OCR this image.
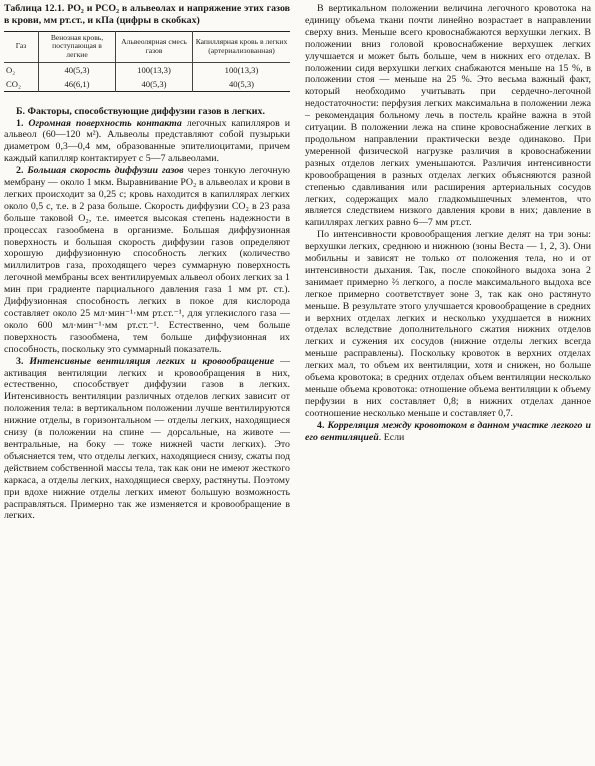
Таблица 12.1. PO₂ и PCO₂ в альвеолах и напряжение этих газов в крови, мм рт.ст., и кПа (цифры в скобках)

Газ	Венозная кровь, поступающая в легкие	Альвеолярная смесь газов	Капиллярная кровь в легких (артериализованная)
O₂	40(5,3)	100(13,3)	100(13,3)
CO₂	46(6,1)	40(5,3)	40(5,3)

Б. Факторы, способствующие диффузии газов в легких.

1. Огромная поверхность контакта легочных капилляров и альвеол (60—120 м²). Альвеолы представляют собой пузырьки диаметром 0,3—0,4 мм, образованные эпителиоцитами, причем каждый капилляр контактирует с 5—7 альвеолами.

2. Большая скорость диффузии газов через тонкую легочную мембрану — около 1 мкм. Выравнивание PO₂ в альвеолах и крови в легких происходит за 0,25 с; кровь находится в капиллярах легких около 0,5 с, т.е. в 2 раза больше. Скорость диффузии CO₂ в 23 раза больше таковой O₂, т.е. имеется высокая степень надежности в процессах газообмена в организме. Большая диффузионная поверхность и большая скорость диффузии газов определяют хорошую диффузионную способность легких (количество миллилитров газа, проходящего через суммарную поверхность легочной мембраны всех вентилируемых альвеол обоих легких за 1 мин при градиенте парциального давления газа 1 мм рт. ст.). Диффузионная способность легких в покое для кислорода составляет около 25 мл·мин⁻¹·мм рт.ст.⁻¹, для углекислого газа — около 600 мл·мин⁻¹·мм рт.ст.⁻¹. Естественно, чем больше поверхность газообмена, тем больше диффузионная их способность, поскольку это суммарный показатель.

3. Интенсивные вентиляция легких и кровообращение — активация вентиляции легких и кровообращения в них, естественно, способствует диффузии газов в легких. Интенсивность вентиляции различных отделов легких зависит от положения тела: в вертикальном положении лучше вентилируются нижние отделы, в горизонтальном — отделы легких, находящиеся снизу (в положении на спине — дорсальные, на животе — вентральные, на боку — тоже нижней части легких). Это объясняется тем, что отделы легких, находящиеся снизу, сжаты под действием собственной массы тела, так как они не имеют жесткого каркаса, а отделы легких, находящиеся сверху, растянуты. Поэтому при вдохе нижние отделы легких имеют большую возможность расправляться. Примерно так же изменяется и кровообращение в легких.

В вертикальном положении величина легочного кровотока на единицу объема ткани почти линейно возрастает в направлении сверху вниз. Меньше всего кровоснабжаются верхушки легких. В положении вниз головой кровоснабжение верхушек легких улучшается и может быть больше, чем в нижних его отделах. В положении сидя верхушки легких снабжаются меньше на 15 %, в положении стоя — меньше на 25 %. Это весьма важный факт, который необходимо учитывать при сердечно-легочной недостаточности: перфузия легких максимальна в положении лежа – рекомендация больному лечь в постель крайне важна в этой ситуации. В положении лежа на спине кровоснабжение легких в продольном направлении практически везде одинаково. При умеренной физической нагрузке различия в кровоснабжении разных отделов легких уменьшаются. Различия интенсивности кровообращения в разных отделах легких объясняются разной степенью сдавливания или расширения артериальных сосудов легких, содержащих мало гладкомышечных элементов, что является следствием низкого давления крови в них; давление в капиллярах легких равно 6—7 мм рт.ст.

По интенсивности кровообращения легкие делят на три зоны: верхушки легких, среднюю и нижнюю (зоны Веста — 1, 2, 3). Они мобильны и зависят не только от положения тела, но и от интенсивности дыхания. Так, после спокойного выдоха зона 2 занимает примерно ⅔ легкого, а после максимального выдоха все легкое примерно соответствует зоне 3, так как оно растянуто меньше. В результате этого улучшается кровообращение в средних и верхних отделах легких и несколько ухудшается в нижних отделах вследствие дополнительного сжатия нижних отделов легких и сужения их сосудов (нижние отделы легких всегда меньше расправлены). Поскольку кровоток в верхних отделах легких мал, то объем их вентиляции, хотя и снижен, но больше объема кровотока; в средних отделах объем вентиляции несколько меньше объема кровотока: отношение объема вентиляции к объему перфузии в них составляет 0,8; в нижних отделах данное соотношение несколько меньше и составляет 0,7.

4. Корреляция между кровотоком в данном участке легкого и его вентиляцией. Если
